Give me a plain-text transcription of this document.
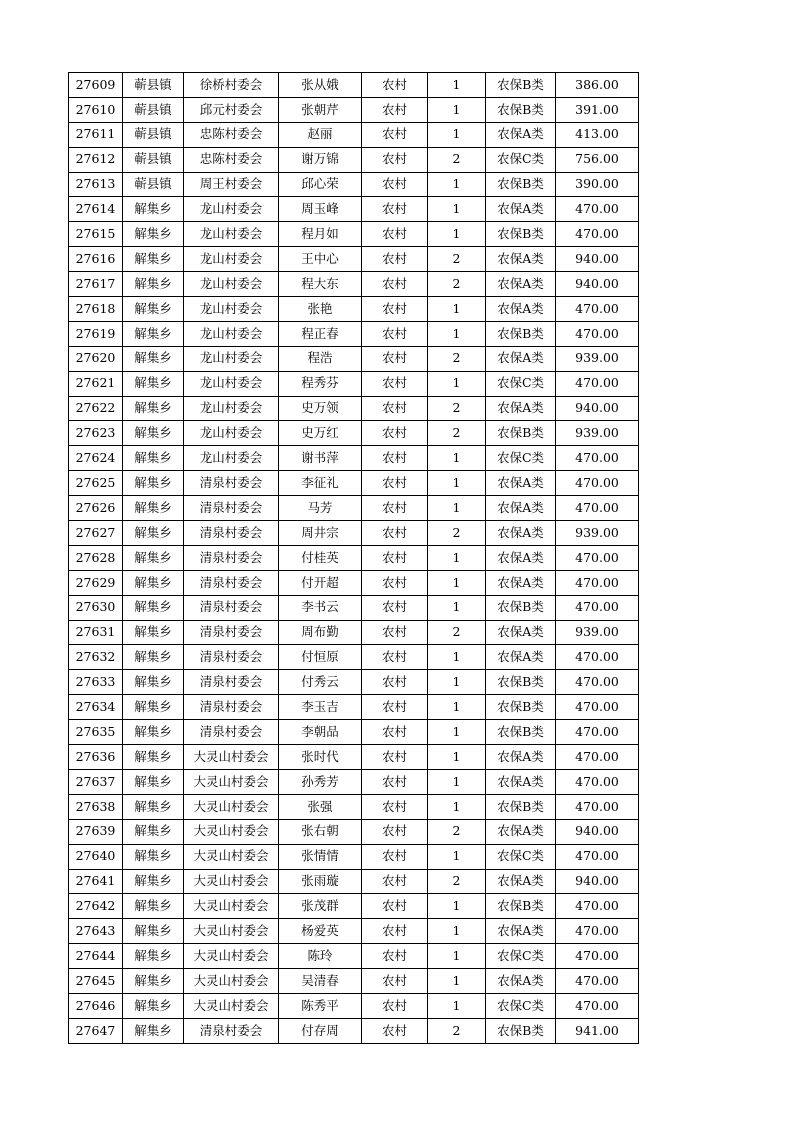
27609	蕲县镇	徐桥村委会	张从娥	农村	1	农保B类	386.00
27610	蕲县镇	邱元村委会	张朝芹	农村	1	农保B类	391.00
27611	蕲县镇	忠陈村委会	赵丽	农村	1	农保A类	413.00
27612	蕲县镇	忠陈村委会	谢万锦	农村	2	农保C类	756.00
27613	蕲县镇	周王村委会	邱心荣	农村	1	农保B类	390.00
27614	解集乡	龙山村委会	周玉峰	农村	1	农保A类	470.00
27615	解集乡	龙山村委会	程月如	农村	1	农保B类	470.00
27616	解集乡	龙山村委会	王中心	农村	2	农保A类	940.00
27617	解集乡	龙山村委会	程大东	农村	2	农保A类	940.00
27618	解集乡	龙山村委会	张艳	农村	1	农保A类	470.00
27619	解集乡	龙山村委会	程正春	农村	1	农保B类	470.00
27620	解集乡	龙山村委会	程浩	农村	2	农保A类	939.00
27621	解集乡	龙山村委会	程秀芬	农村	1	农保C类	470.00
27622	解集乡	龙山村委会	史万领	农村	2	农保A类	940.00
27623	解集乡	龙山村委会	史万红	农村	2	农保B类	939.00
27624	解集乡	龙山村委会	谢书萍	农村	1	农保C类	470.00
27625	解集乡	清泉村委会	李征礼	农村	1	农保A类	470.00
27626	解集乡	清泉村委会	马芳	农村	1	农保A类	470.00
27627	解集乡	清泉村委会	周井宗	农村	2	农保A类	939.00
27628	解集乡	清泉村委会	付桂英	农村	1	农保A类	470.00
27629	解集乡	清泉村委会	付开超	农村	1	农保A类	470.00
27630	解集乡	清泉村委会	李书云	农村	1	农保B类	470.00
27631	解集乡	清泉村委会	周布勤	农村	2	农保A类	939.00
27632	解集乡	清泉村委会	付恒原	农村	1	农保A类	470.00
27633	解集乡	清泉村委会	付秀云	农村	1	农保B类	470.00
27634	解集乡	清泉村委会	李玉吉	农村	1	农保B类	470.00
27635	解集乡	清泉村委会	李朝品	农村	1	农保B类	470.00
27636	解集乡	大灵山村委会	张时代	农村	1	农保A类	470.00
27637	解集乡	大灵山村委会	孙秀芳	农村	1	农保A类	470.00
27638	解集乡	大灵山村委会	张强	农村	1	农保B类	470.00
27639	解集乡	大灵山村委会	张右朝	农村	2	农保A类	940.00
27640	解集乡	大灵山村委会	张情情	农村	1	农保C类	470.00
27641	解集乡	大灵山村委会	张雨璇	农村	2	农保A类	940.00
27642	解集乡	大灵山村委会	张茂群	农村	1	农保B类	470.00
27643	解集乡	大灵山村委会	杨爱英	农村	1	农保A类	470.00
27644	解集乡	大灵山村委会	陈玲	农村	1	农保C类	470.00
27645	解集乡	大灵山村委会	吴清春	农村	1	农保A类	470.00
27646	解集乡	大灵山村委会	陈秀平	农村	1	农保C类	470.00
27647	解集乡	清泉村委会	付存周	农村	2	农保B类	941.00
